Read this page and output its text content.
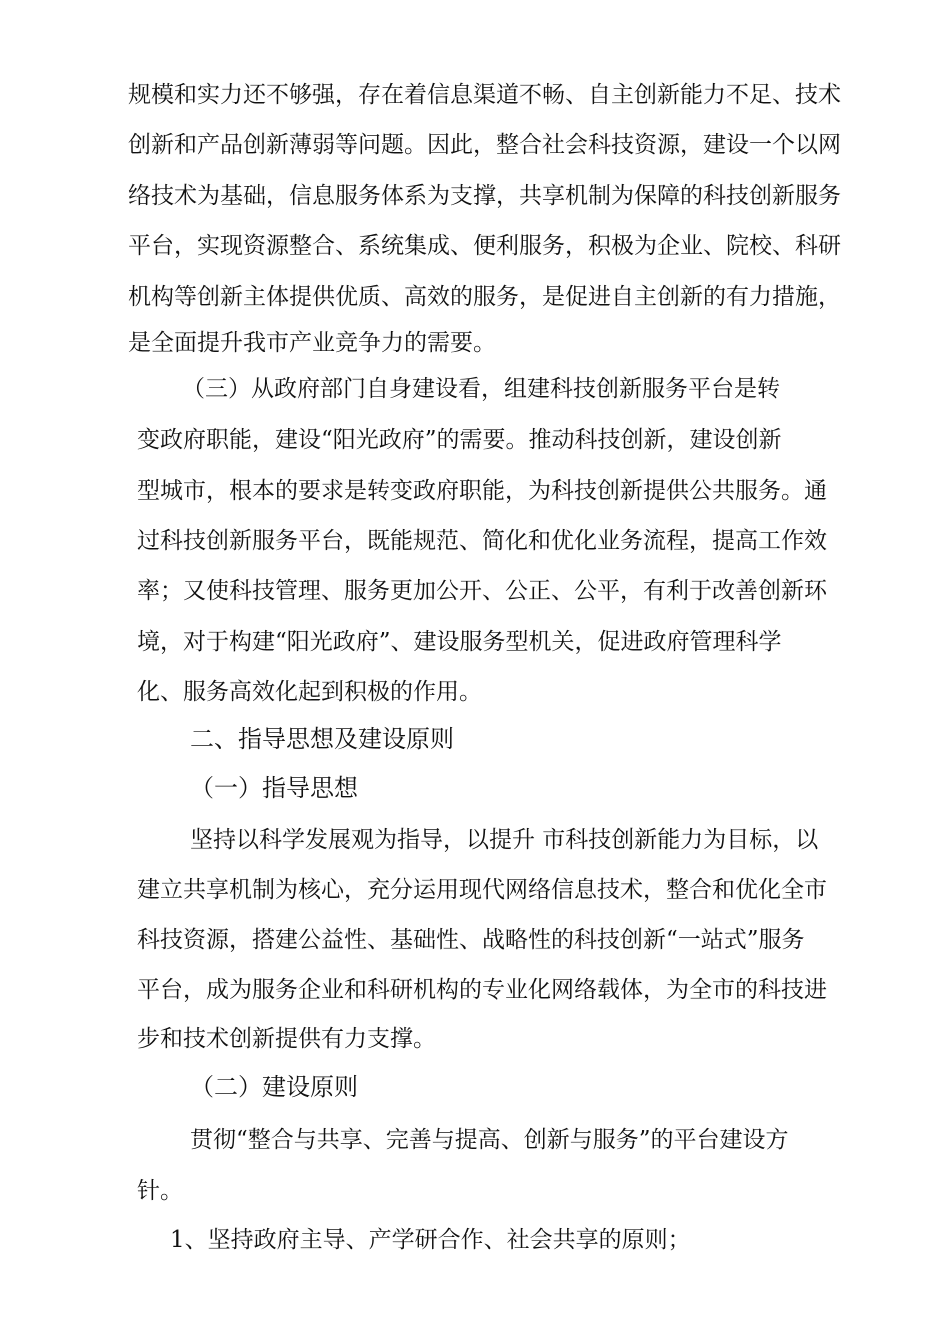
规模和实力还不够强，存在着信息渠道不畅、自主创新能力不足、技术

创新和产品创新薄弱等问题。因此，整合社会科技资源，建设一个以网

络技术为基础，信息服务体系为支撑，共享机制为保障的科技创新服务

平台，实现资源整合、系统集成、便利服务，积极为企业、院校、科研

机构等创新主体提供优质、高效的服务，是促进自主创新的有力措施，

是全面提升我市产业竞争力的需要。

（三）从政府部门自身建设看，组建科技创新服务平台是转

变政府职能，建设“阳光政府”的需要。推动科技创新，建设创新

型城市，根本的要求是转变政府职能，为科技创新提供公共服务。通

过科技创新服务平台，既能规范、简化和优化业务流程，提高工作效

率；又使科技管理、服务更加公开、公正、公平，有利于改善创新环

境，对于构建“阳光政府”、建设服务型机关，促进政府管理科学

化、服务高效化起到积极的作用。

二、指导思想及建设原则

（一）指导思想

坚持以科学发展观为指导，以提升 市科技创新能力为目标，以

建立共享机制为核心，充分运用现代网络信息技术，整合和优化全市

科技资源，搭建公益性、基础性、战略性的科技创新“一站式”服务

平台，成为服务企业和科研机构的专业化网络载体，为全市的科技进

步和技术创新提供有力支撑。

（二）建设原则

贯彻“整合与共享、完善与提高、创新与服务”的平台建设方

针。

1、坚持政府主导、产学研合作、社会共享的原则；
